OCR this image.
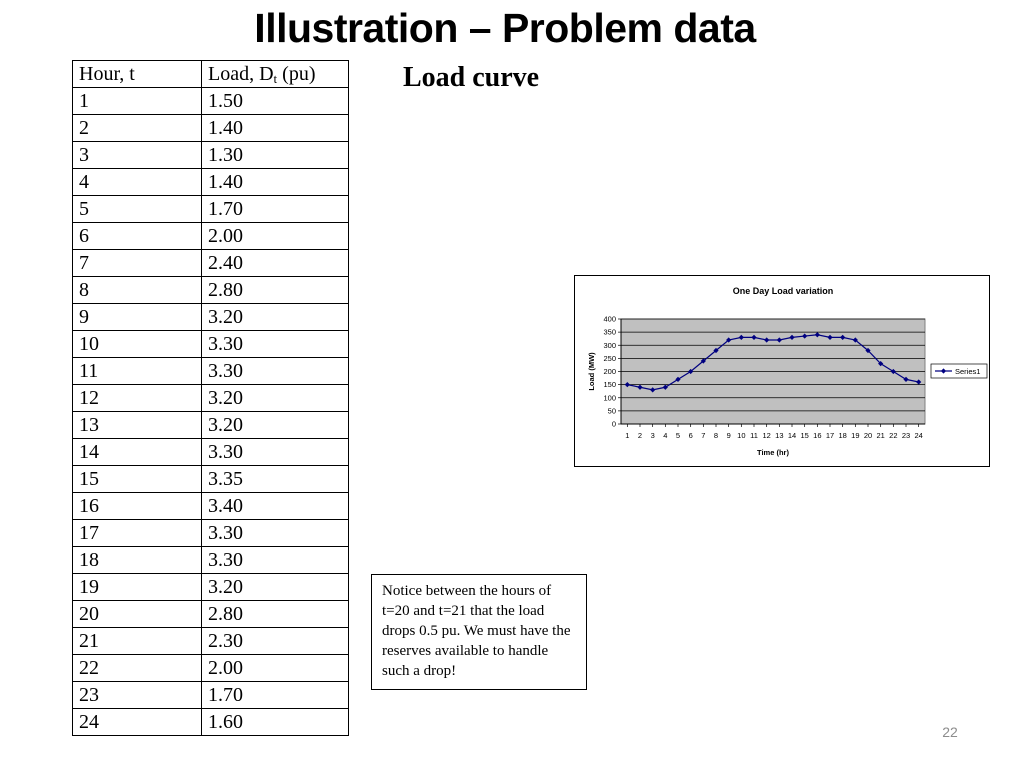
Illustration – Problem data
Hour, t	Load, $D_t$ (pu)
1	1.50
2	1.40
3	1.30
4	1.40
5	1.70
6	2.00
7	2.40
8	2.80
9	3.20
10	3.30
11	3.30
12	3.20
13	3.20
14	3.30
15	3.35
16	3.40
17	3.30
18	3.30
19	3.20
20	2.80
21	2.30
22	2.00
23	1.70
24	1.60
Load curve
0
50
100
150
200
250
300
350
400
1 2 3 4 5 6 7 8 9 10 11 12 13 14 15 16 17 18 19 20 21 22 23 24
One Day Load variation
Time (hr)
Load (MW)	Series1
Notice between the hours of t=20 and t=21 that the load drops 0.5 pu. We must have the reserves available to handle such a drop!
22
